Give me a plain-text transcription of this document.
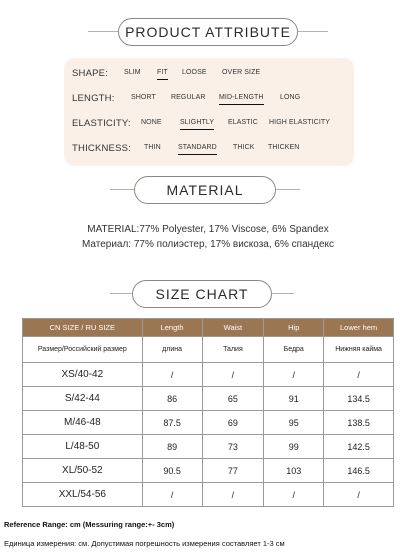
PRODUCT ATTRIBUTE
SHAPE:	SLIM FIT LOOSE OVER SIZE
LENGTH:	SHORT REGULAR MID-LENGTH LONG
ELASTICITY: NONE	SLIGHTLY ELASTIC HIGH ELASTICITY
THICKNESS: THIN STANDARD THICK THICKEN
MATERIAL
MATERIAL:77% Polyester, 17% Viscose, 6% Spandex
Материал: 77% полиэстер, 17% вискоза, 6% спандекс
SIZE CHART
CN SIZE / RU SIZE	Length	Waist	Hip	Lower hem
Размер/Российский размер	длина	Талия	Бедра	Нижняя кайма
XS/40-42	/	/	/	/
S/42-44	86	65	91	134.5
M/46-48	87.5	69	95	138.5
L/48-50	89	73	99	142.5
XL/50-52	90.5	77	103	146.5
XXL/54-56	/	/	/	/
Reference Range: cm (Messuring range:+- 3cm)
Единица измерения: см. Допустимая погрешность измерения составляет 1-3 см
